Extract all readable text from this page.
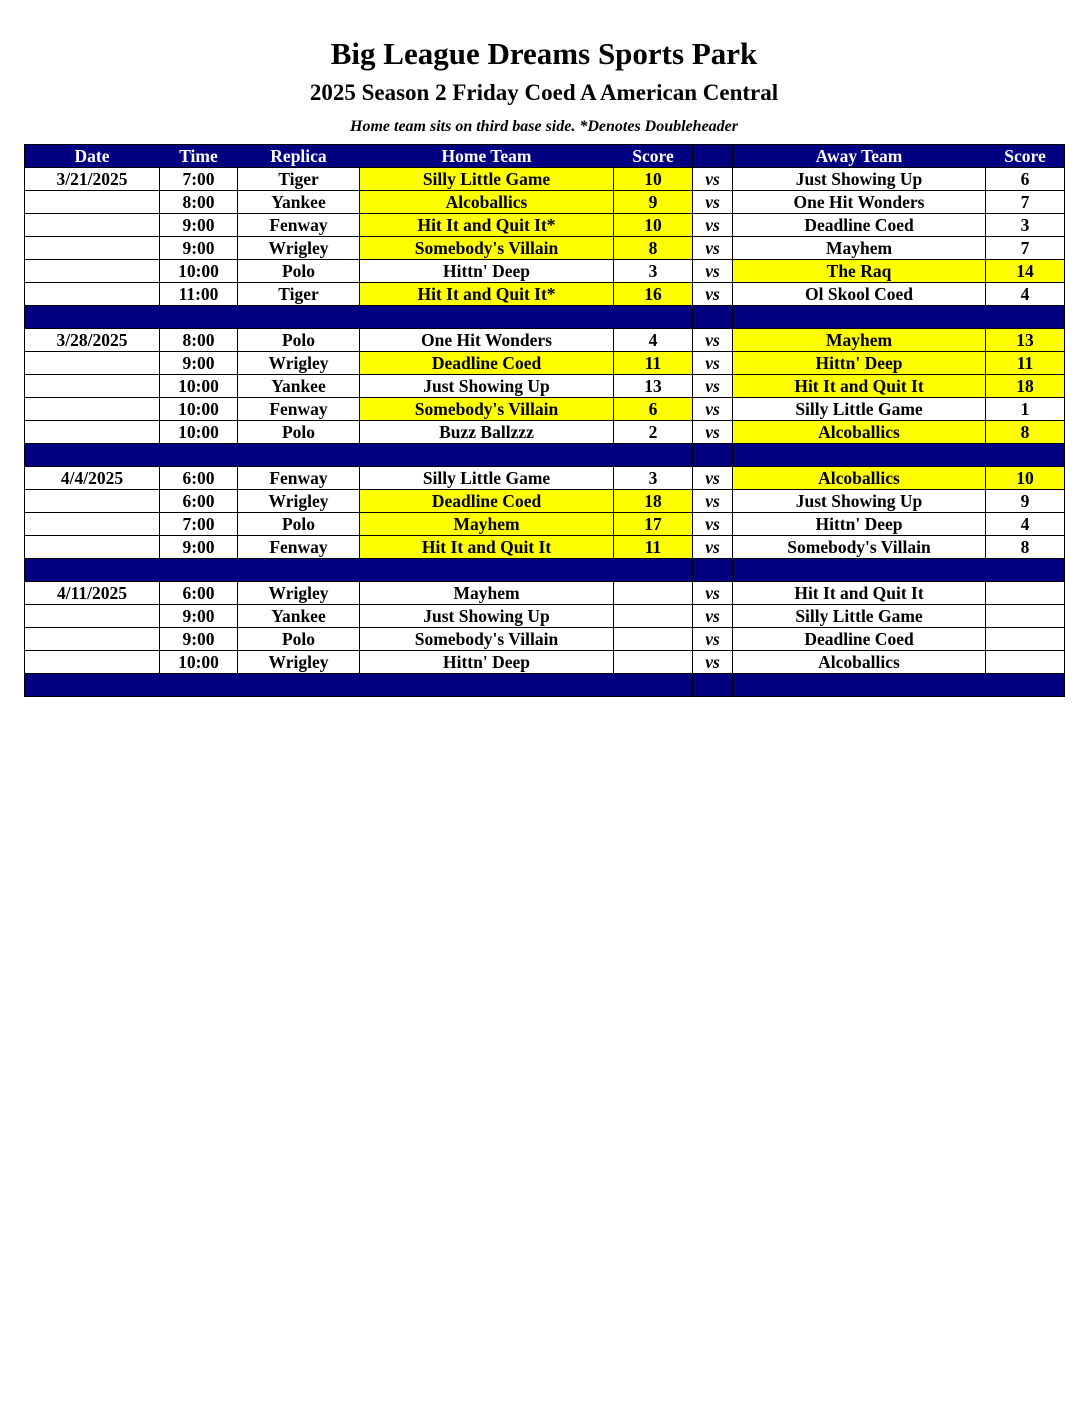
Big League Dreams Sports Park
2025 Season 2 Friday Coed A American Central
Home team sits on third base side. *Denotes Doubleheader
Date	Time	Replica	Home Team	Score		Away Team	Score
3/21/2025	7:00	Tiger	Silly Little Game	10	vs	Just Showing Up	6
	8:00	Yankee	Alcoballics	9	vs	One Hit Wonders	7
	9:00	Fenway	Hit It and Quit It*	10	vs	Deadline Coed	3
	9:00	Wrigley	Somebody's Villain	8	vs	Mayhem	7
	10:00	Polo	Hittn' Deep	3	vs	The Raq	14
	11:00	Tiger	Hit It and Quit It*	16	vs	Ol Skool Coed	4

3/28/2025	8:00	Polo	One Hit Wonders	4	vs	Mayhem	13
	9:00	Wrigley	Deadline Coed	11	vs	Hittn' Deep	11
	10:00	Yankee	Just Showing Up	13	vs	Hit It and Quit It	18
	10:00	Fenway	Somebody's Villain	6	vs	Silly Little Game	1
	10:00	Polo	Buzz Ballzzz	2	vs	Alcoballics	8

4/4/2025	6:00	Fenway	Silly Little Game	3	vs	Alcoballics	10
	6:00	Wrigley	Deadline Coed	18	vs	Just Showing Up	9
	7:00	Polo	Mayhem	17	vs	Hittn' Deep	4
	9:00	Fenway	Hit It and Quit It	11	vs	Somebody's Villain	8

4/11/2025	6:00	Wrigley	Mayhem		vs	Hit It and Quit It	
	9:00	Yankee	Just Showing Up		vs	Silly Little Game	
	9:00	Polo	Somebody's Villain		vs	Deadline Coed	
	10:00	Wrigley	Hittn' Deep		vs	Alcoballics	
